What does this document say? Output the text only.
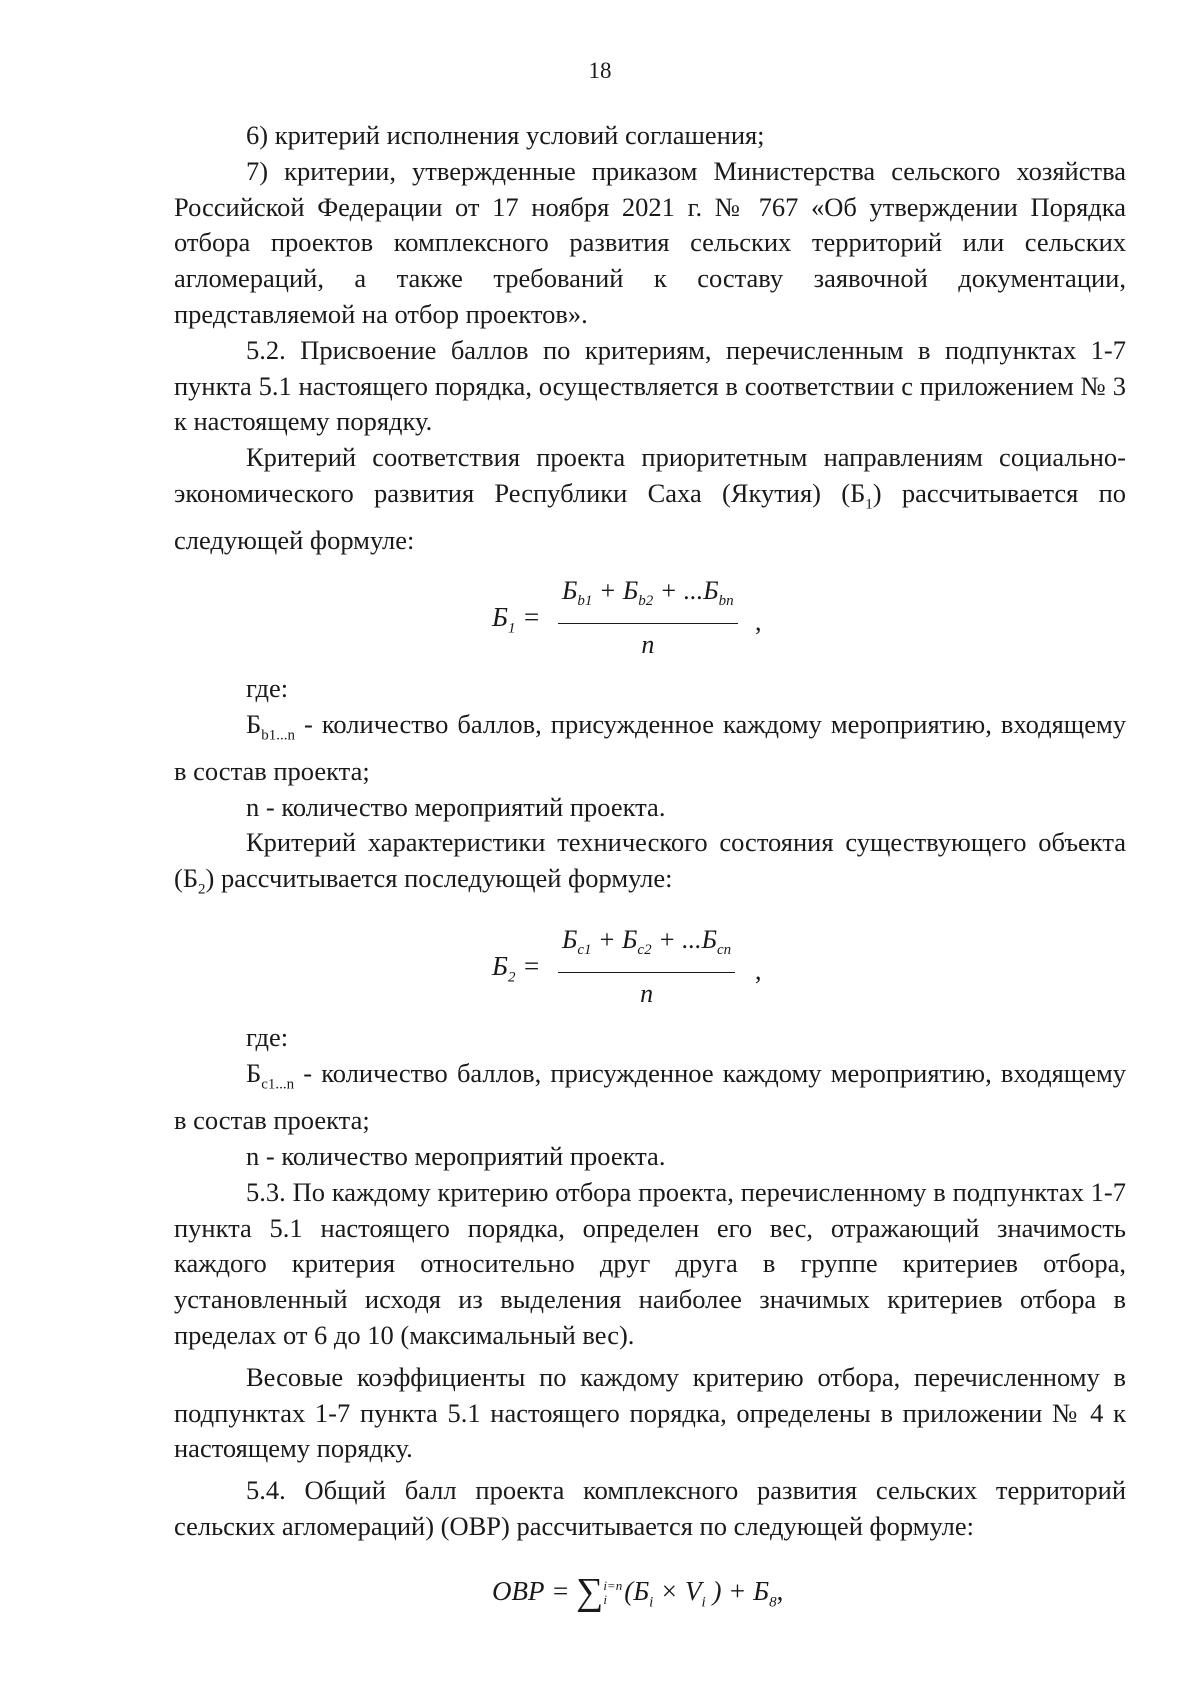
18

6) критерий исполнения условий соглашения;

7) критерии, утвержденные приказом Министерства сельского хозяйства Российской Федерации от 17 ноября 2021 г. № 767 «Об утверждении Порядка отбора проектов комплексного развития сельских территорий или сельских агломераций, а также требований к составу заявочной документации, представляемой на отбор проектов».

5.2. Присвоение баллов по критериям, перечисленным в подпунктах 1-7 пункта 5.1 настоящего порядка, осуществляется в соответствии с приложением № 3 к настоящему порядку.

Критерий соответствия проекта приоритетным направлениям социально-экономического развития Республики Саха (Якутия) $(Б_1)$ рассчитывается по следующей формуле:

$Б_1$ =
$Б_{b1} + Б_{b2} + ...Б_{bn}$
n
,

где:

$Б_{b1...n}$ - количество баллов, присужденное каждому мероприятию, входящему в состав проекта;

n - количество мероприятий проекта.

Критерий характеристики технического состояния существующего объекта $(Б_2)$ рассчитывается последующей формуле:

$Б_2$ =
$Б_{c1} + Б_{c2} + ...Б_{cn}$
n
,

где:

$Б_{c1...n}$ - количество баллов, присужденное каждому мероприятию, входящему в состав проекта;

n - количество мероприятий проекта.

5.3. По каждому критерию отбора проекта, перечисленному в подпунктах 1-7 пункта 5.1 настоящего порядка, определен его вес, отражающий значимость каждого критерия относительно друг друга в группе критериев отбора, установленный исходя из выделения наиболее значимых критериев отбора в пределах от 6 до 10 (максимальный вес).

Весовые коэффициенты по каждому критерию отбора, перечисленному в подпунктах 1-7 пункта 5.1 настоящего порядка, определены в приложении № 4 к настоящему порядку.

5.4. Общий балл проекта комплексного развития сельских территорий сельских агломераций) (ОВР) рассчитывается по следующей формуле:

ОВР = ∑ i=n
i ($Б_i \times V_i$ ) + $Б_8$,
